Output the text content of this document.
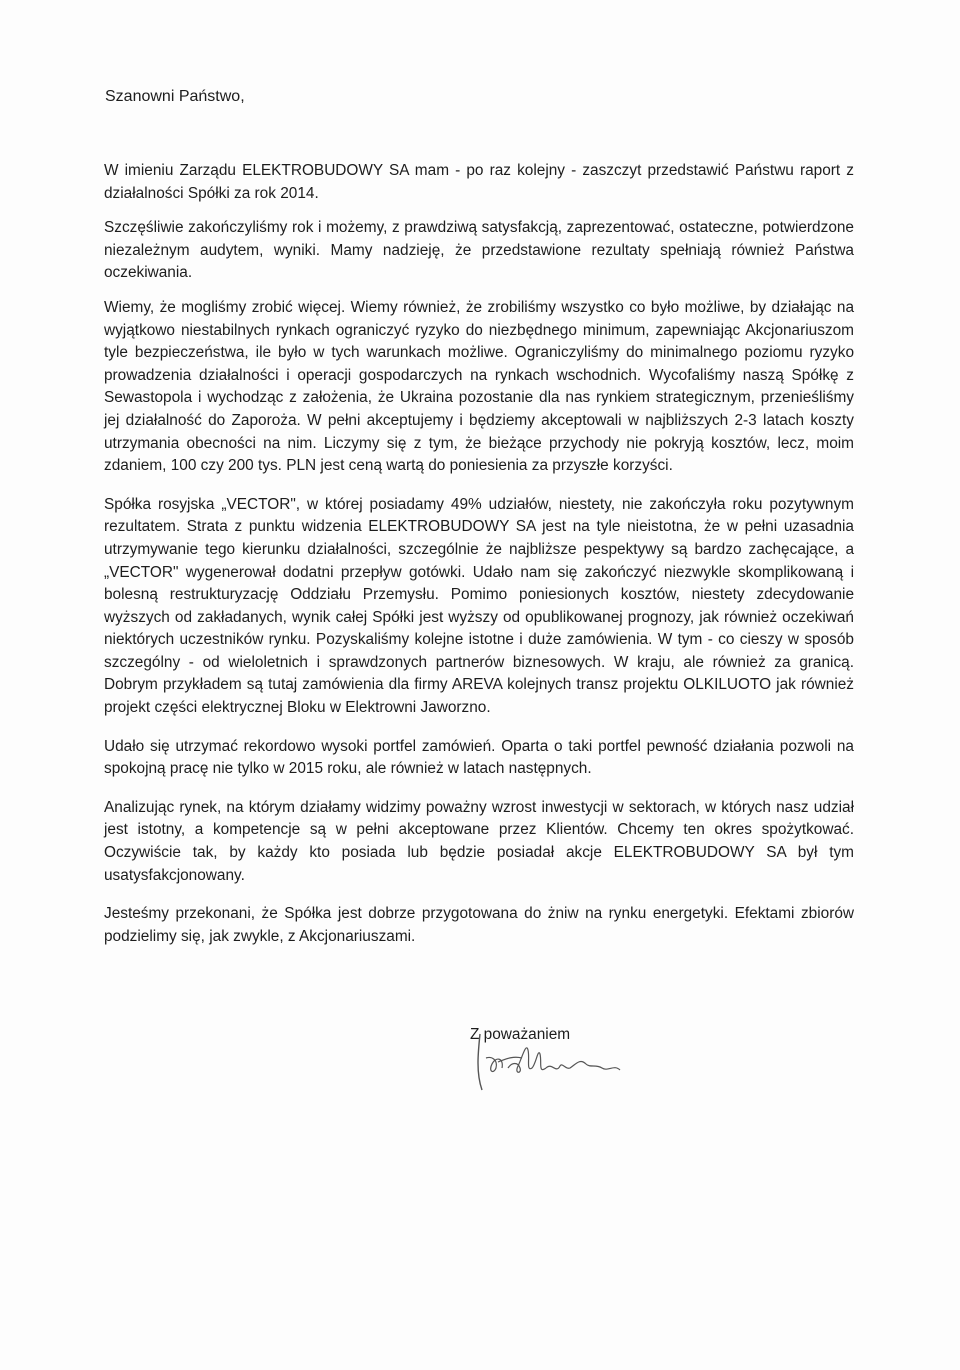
Szanowni Państwo,

W imieniu Zarządu ELEKTROBUDOWY SA mam - po raz kolejny - zaszczyt przedstawić Państwu raport z działalności Spółki za rok 2014.

Szczęśliwie zakończyliśmy rok i możemy, z prawdziwą satysfakcją, zaprezentować, ostateczne, potwierdzone niezależnym audytem, wyniki. Mamy nadzieję, że przedstawione rezultaty spełniają również Państwa oczekiwania.

Wiemy, że mogliśmy zrobić więcej. Wiemy również, że zrobiliśmy wszystko co było możliwe, by działając na wyjątkowo niestabilnych rynkach ograniczyć ryzyko do niezbędnego minimum, zapewniając Akcjonariuszom tyle bezpieczeństwa, ile było w tych warunkach możliwe. Ograniczyliśmy do minimalnego poziomu ryzyko prowadzenia działalności i operacji gospodarczych na rynkach wschodnich. Wycofaliśmy naszą Spółkę z Sewastopola i wychodząc z założenia, że Ukraina pozostanie dla nas rynkiem strategicznym, przenieśliśmy jej działalność do Zaporoża. W pełni akceptujemy i będziemy akceptowali w najbliższych 2-3 latach koszty utrzymania obecności na nim. Liczymy się z tym, że bieżące przychody nie pokryją kosztów, lecz, moim zdaniem, 100 czy 200 tys. PLN jest ceną wartą do poniesienia za przyszłe korzyści.

Spółka rosyjska „VECTOR", w której posiadamy 49% udziałów, niestety, nie zakończyła roku pozytywnym rezultatem. Strata z punktu widzenia ELEKTROBUDOWY SA jest na tyle nieistotna, że w pełni uzasadnia utrzymywanie tego kierunku działalności, szczególnie że najbliższe pespektywy są bardzo zachęcające, a „VECTOR" wygenerował dodatni przepływ gotówki. Udało nam się zakończyć niezwykle skomplikowaną i bolesną restrukturyzację Oddziału Przemysłu. Pomimo poniesionych kosztów, niestety zdecydowanie wyższych od zakładanych, wynik całej Spółki jest wyższy od opublikowanej prognozy, jak również oczekiwań niektórych uczestników rynku. Pozyskaliśmy kolejne istotne i duże zamówienia. W tym - co cieszy w sposób szczególny - od wieloletnich i sprawdzonych partnerów biznesowych. W kraju, ale również za granicą. Dobrym przykładem są tutaj zamówienia dla firmy AREVA kolejnych transz projektu OLKILUOTO jak również projekt części elektrycznej Bloku w Elektrowni Jaworzno.

Udało się utrzymać rekordowo wysoki portfel zamówień. Oparta o taki portfel pewność działania pozwoli na spokojną pracę nie tylko w 2015 roku, ale również w latach następnych.

Analizując rynek, na którym działamy widzimy poważny wzrost inwestycji w sektorach, w których nasz udział jest istotny, a kompetencje są w pełni akceptowane przez Klientów. Chcemy ten okres spożytkować. Oczywiście tak, by każdy kto posiada lub będzie posiadał akcje ELEKTROBUDOWY SA był tym usatysfakcjonowany.

Jesteśmy przekonani, że Spółka jest dobrze przygotowana do żniw na rynku energetyki. Efektami zbiorów podzielimy się, jak zwykle, z Akcjonariuszami.

Z poważaniem
